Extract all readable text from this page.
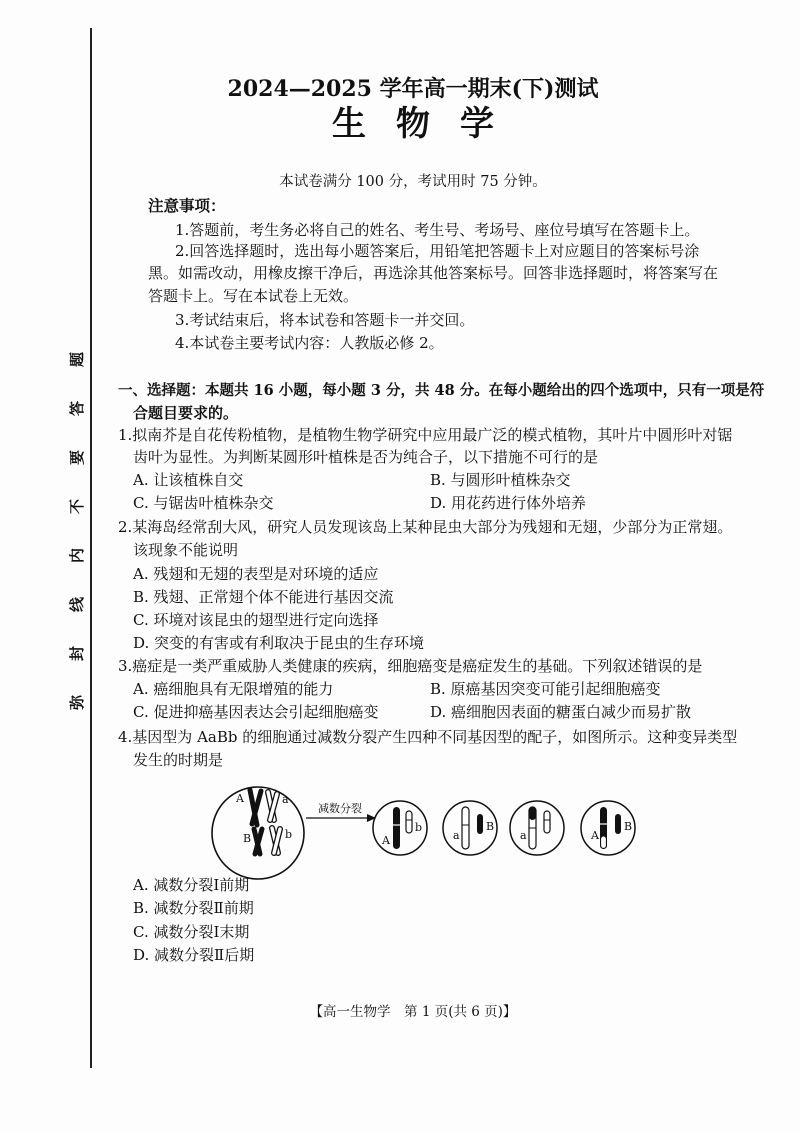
弥封线内不要答题
2024—2025 学年高一期末(下)测试
生物学
本试卷满分 100 分，考试用时 75 分钟。
注意事项：
1.答题前，考生务必将自己的姓名、考生号、考场号、座位号填写在答题卡上。
2.回答选择题时，选出每小题答案后，用铅笔把答题卡上对应题目的答案标号涂
黑。如需改动，用橡皮擦干净后，再选涂其他答案标号。回答非选择题时，将答案写在
答题卡上。写在本试卷上无效。
3.考试结束后，将本试卷和答题卡一并交回。
4.本试卷主要考试内容：人教版必修 2。
一、选择题：本题共 16 小题，每小题 3 分，共 48 分。在每小题给出的四个选项中，只有一项是符
合题目要求的。
1.拟南芥是自花传粉植物，是植物生物学研究中应用最广泛的模式植物，其叶片中圆形叶对锯
齿叶为显性。为判断某圆形叶植株是否为纯合子，以下措施不可行的是
A. 让该植株自交	B. 与圆形叶植株杂交
C. 与锯齿叶植株杂交	D. 用花药进行体外培养
2.某海岛经常刮大风，研究人员发现该岛上某种昆虫大部分为残翅和无翅，少部分为正常翅。
该现象不能说明
A. 残翅和无翅的表型是对环境的适应
B. 残翅、正常翅个体不能进行基因交流
C. 环境对该昆虫的翅型进行定向选择
D. 突变的有害或有利取决于昆虫的生存环境
3.癌症是一类严重威胁人类健康的疾病，细胞癌变是癌症发生的基础。下列叙述错误的是
A. 癌细胞具有无限增殖的能力	B. 原癌基因突变可能引起细胞癌变
C. 促进抑癌基因表达会引起细胞癌变	D. 癌细胞因表面的糖蛋白减少而易扩散
4.基因型为 AaBb 的细胞通过减数分裂产生四种不同基因型的配子，如图所示。这种变异类型
发生的时期是
A	a
B	b
减数分裂
A
b
a
B
a	A
B
A. 减数分裂Ⅰ前期
B. 减数分裂Ⅱ前期
C. 减数分裂Ⅰ末期
D. 减数分裂Ⅱ后期
【高一生物学　第 1 页(共 6 页)】
